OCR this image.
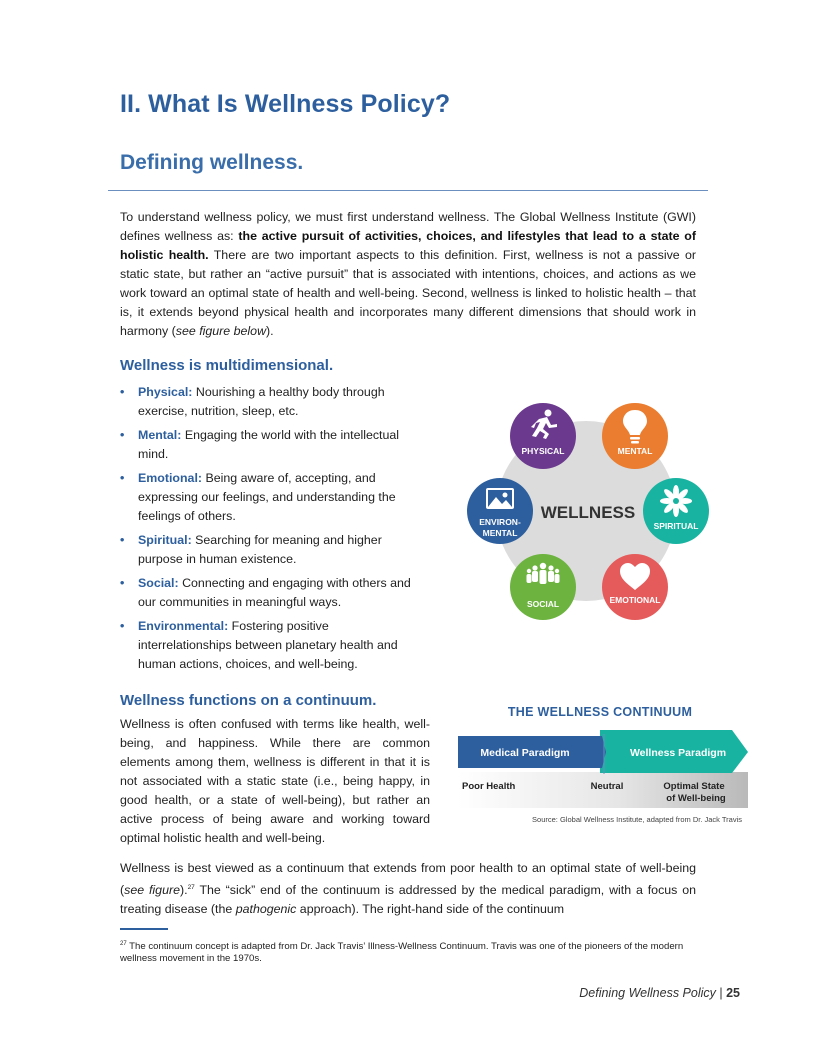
II. What Is Wellness Policy?
Defining wellness.
To understand wellness policy, we must first understand wellness. The Global Wellness Institute (GWI) defines wellness as: the active pursuit of activities, choices, and lifestyles that lead to a state of holistic health. There are two important aspects to this definition. First, wellness is not a passive or static state, but rather an “active pursuit” that is associated with intentions, choices, and actions as we work toward an optimal state of health and well-being. Second, wellness is linked to holistic health – that is, it extends beyond physical health and incorporates many different dimensions that should work in harmony (see figure below).
Wellness is multidimensional.
• Physical: Nourishing a healthy body through exercise, nutrition, sleep, etc.
• Mental: Engaging the world with the intellectual mind.
• Emotional: Being aware of, accepting, and expressing our feelings, and understanding the feelings of others.
• Spiritual: Searching for meaning and higher purpose in human existence.
• Social: Connecting and engaging with others and our communities in meaningful ways.
• Environmental: Fostering positive interrelationships between planetary health and human actions, choices, and well-being.
WELLNESS
PHYSICAL	MENTAL
SPIRITUAL
EMOTIONAL
SOCIAL
ENVIRON-
MENTAL
Wellness functions on a continuum.
Wellness is often confused with terms like health, well-being, and happiness. While there are common elements among them, wellness is different in that it is not associated with a static state (i.e., being happy, in good health, or a state of well-being), but rather an active process of being aware and working toward optimal holistic health and well-being.
THE WELLNESS CONTINUUM
Medical Paradigm	Wellness Paradigm
Poor Health	Neutral	Optimal State
of Well-being
Source: Global Wellness Institute, adapted from Dr. Jack Travis
Wellness is best viewed as a continuum that extends from poor health to an optimal state of well-being (see figure).$^{27}$ The “sick” end of the continuum is addressed by the medical paradigm, with a focus on treating disease (the pathogenic approach). The right-hand side of the continuum
$^{27}$ The continuum concept is adapted from Dr. Jack Travis’ Illness-Wellness Continuum. Travis was one of the pioneers of the modern wellness movement in the 1970s.
Defining Wellness Policy | 25
